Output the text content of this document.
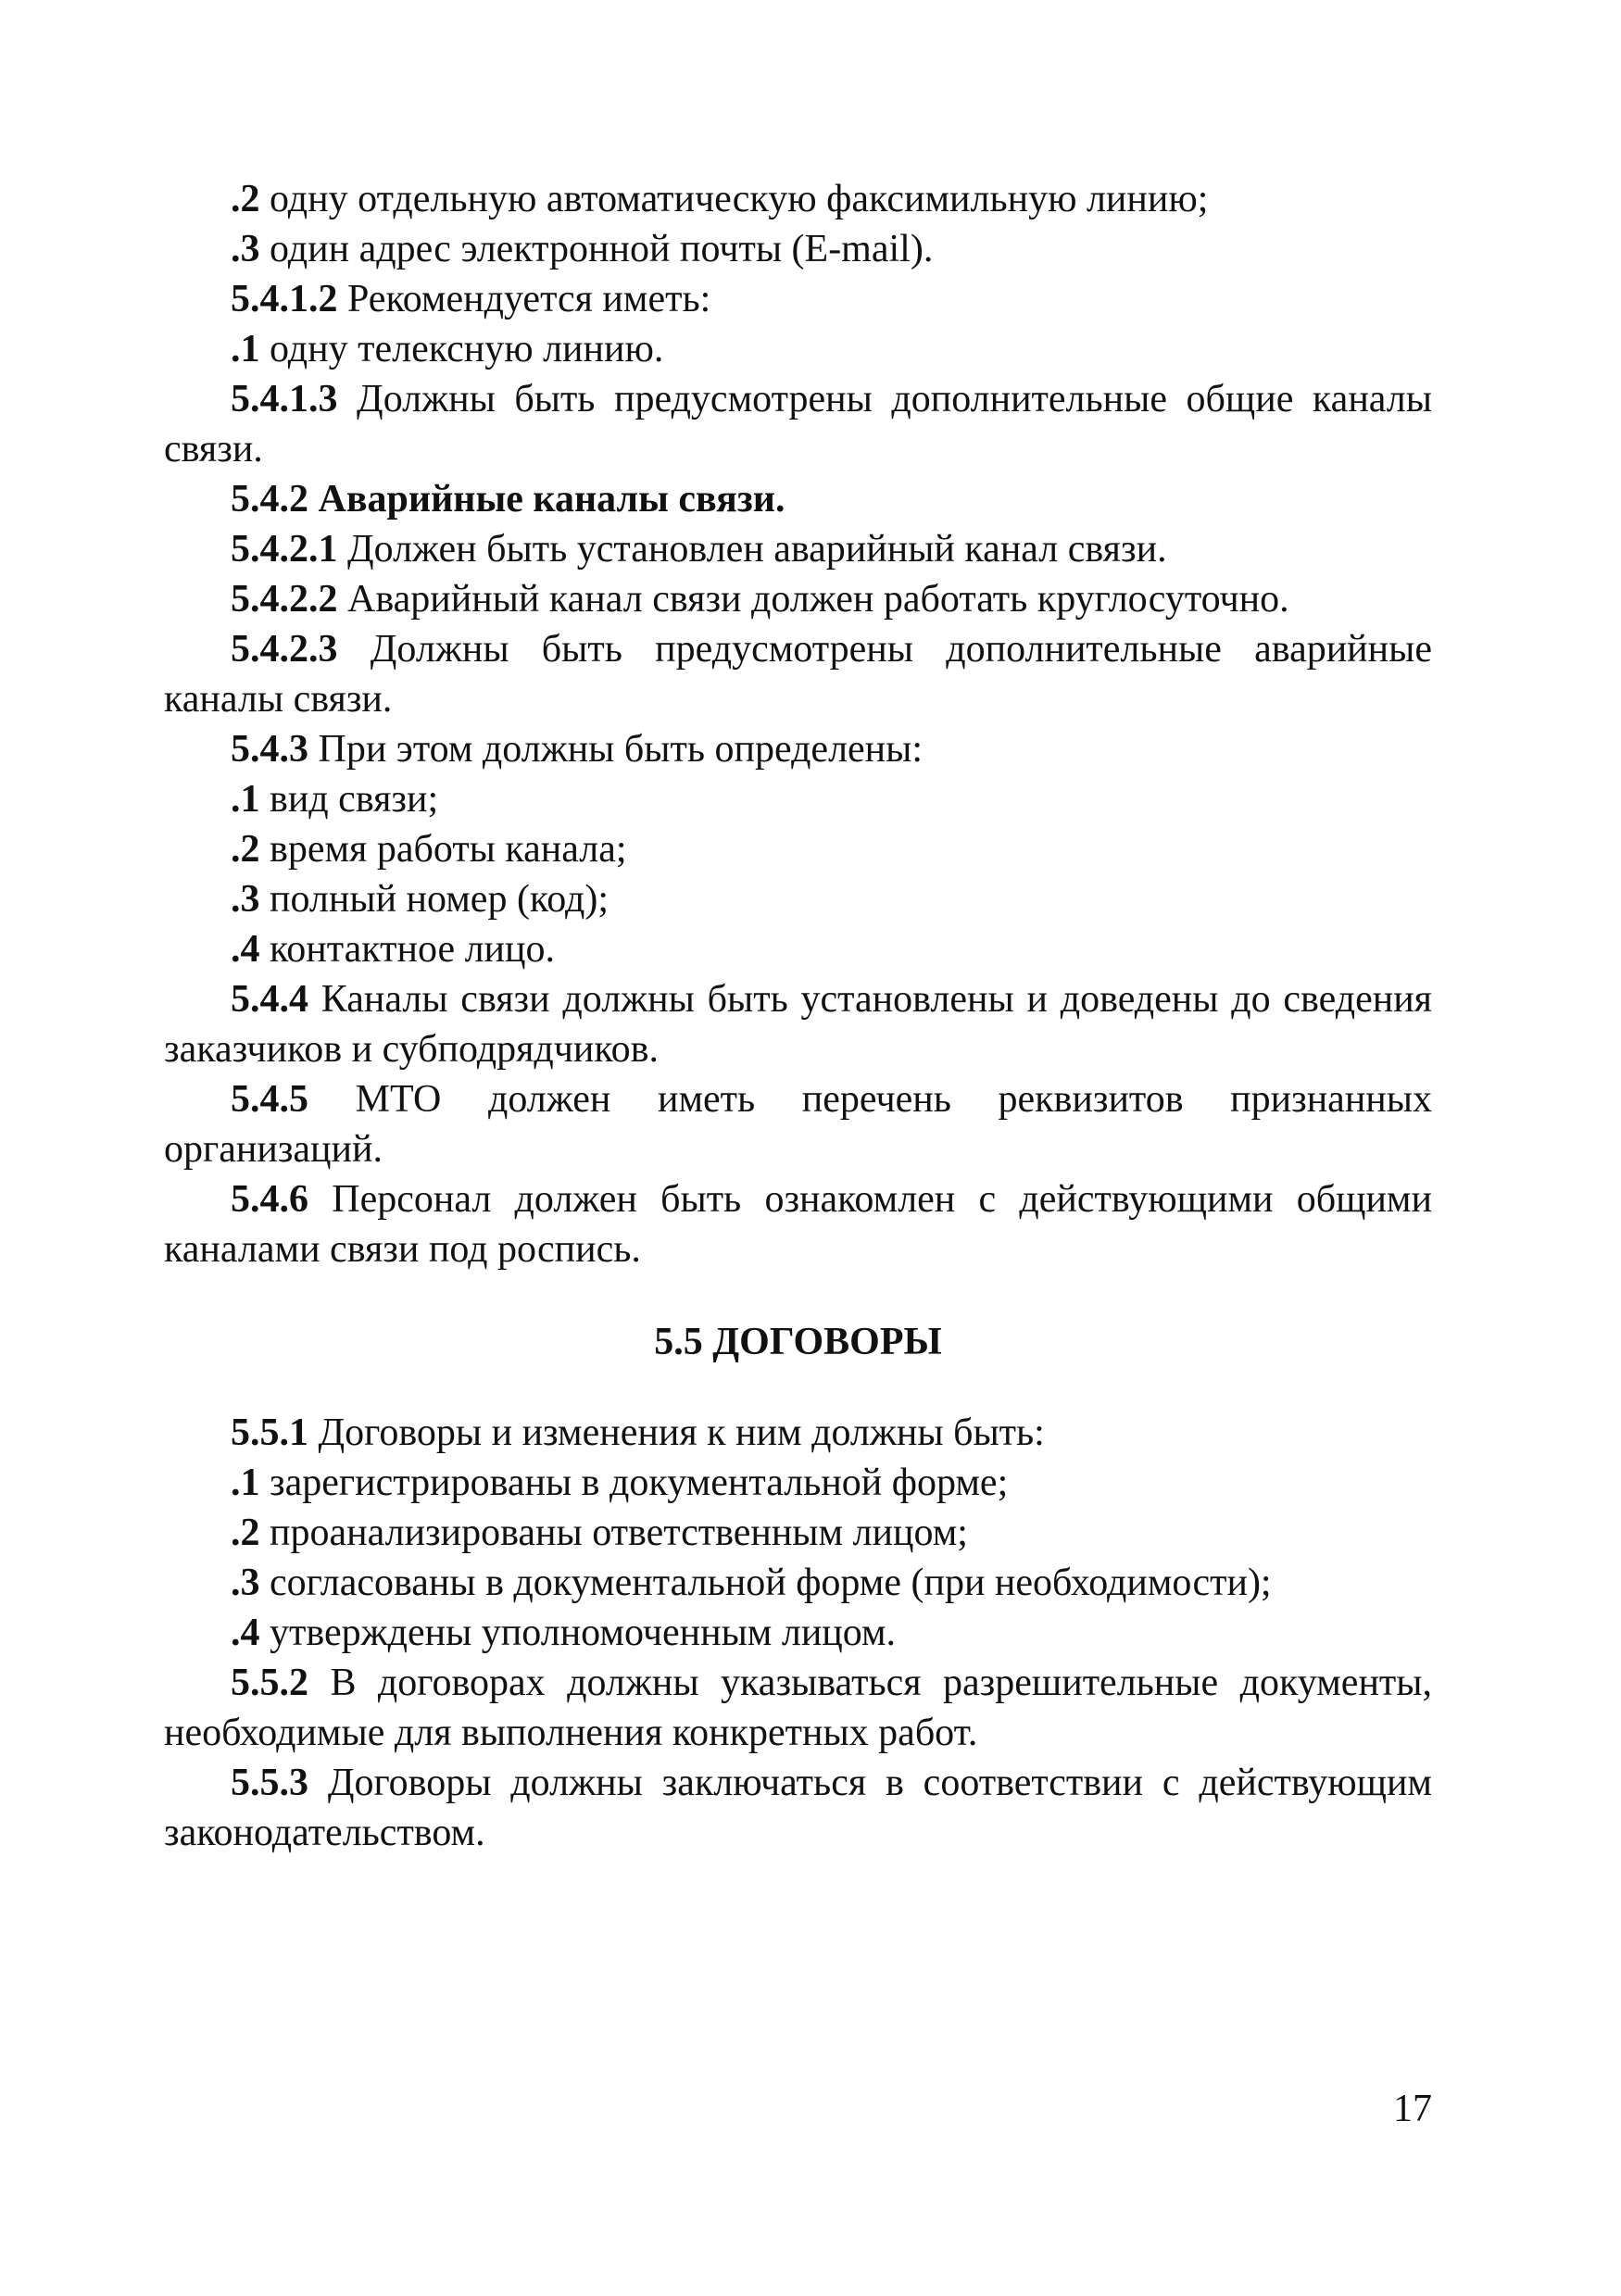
.2 одну отдельную автоматическую факсимильную линию;

.3 один адрес электронной почты (E-mail).

5.4.1.2 Рекомендуется иметь:

.1 одну телексную линию.

5.4.1.3 Должны быть предусмотрены дополнительные общие каналы связи.

5.4.2 Аварийные каналы связи.

5.4.2.1 Должен быть установлен аварийный канал связи.

5.4.2.2 Аварийный канал связи должен работать круглосуточно.

5.4.2.3 Должны быть предусмотрены дополнительные аварийные каналы связи.

5.4.3 При этом должны быть определены:

.1 вид связи;

.2 время работы канала;

.3 полный номер (код);

.4 контактное лицо.

5.4.4 Каналы связи должны быть установлены и доведены до сведения заказчиков и субподрядчиков.

5.4.5 МТО должен иметь перечень реквизитов признанных организаций.

5.4.6 Персонал должен быть ознакомлен с действующими общими каналами связи под роспись.

5.5 ДОГОВОРЫ

5.5.1 Договоры и изменения к ним должны быть:

.1 зарегистрированы в документальной форме;

.2 проанализированы ответственным лицом;

.3 согласованы в документальной форме (при необходимости);

.4 утверждены уполномоченным лицом.

5.5.2 В договорах должны указываться разрешительные документы, необходимые для выполнения конкретных работ.

5.5.3 Договоры должны заключаться в соответствии с действующим законодательством.

17
